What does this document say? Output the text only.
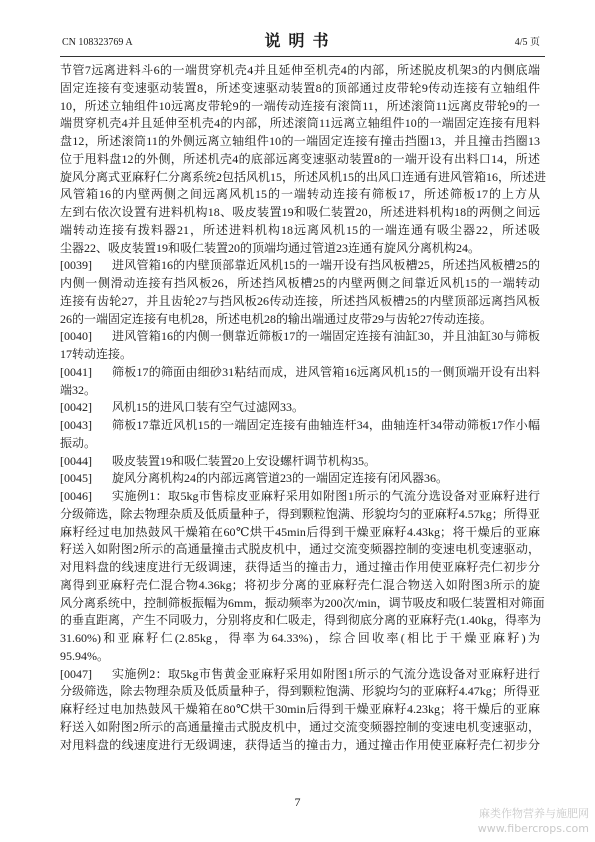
CN 108323769 A	说 明 书	4/5 页
节管7远离进料斗6的一端贯穿机壳4并且延伸至机壳4的内部，所述脱皮机架3的内侧底端
固定连接有变速驱动装置8，所述变速驱动装置8的顶部通过皮带轮9传动连接有立轴组件
10，所述立轴组件10远离皮带轮9的一端传动连接有滚筒11，所述滚筒11远离皮带轮9的一
端贯穿机壳4并且延伸至机壳4的内部，所述滚筒11远离立轴组件10的一端固定连接有甩料
盘12，所述滚筒11的外侧远离立轴组件10的一端固定连接有撞击挡圈13，并且撞击挡圈13
位于甩料盘12的外侧，所述机壳4的底部远离变速驱动装置8的一端开设有出料口14，所述
旋风分离式亚麻籽仁分离系统2包括风机15，所述风机15的出风口连通有进风管箱16，所述进
风管箱16的内壁两侧之间远离风机15的一端转动连接有筛板17，所述筛板17的上方从
左到右依次设置有进料机构18、吸皮装置19和吸仁装置20，所述进料机构18的两侧之间远
端转动连接有拨料器21，所述进料机构18远离风机15的一端连通有吸尘器22，所述吸
尘器22、吸皮装置19和吸仁装置20的顶端均通过管道23连通有旋风分离机构24。
[0039]	进风管箱16的内壁顶部靠近风机15的一端开设有挡风板槽25，所述挡风板槽25的
内侧一侧滑动连接有挡风板26，所述挡风板槽25的内壁两侧之间靠近风机15的一端转动
连接有齿轮27，并且齿轮27与挡风板26传动连接，所述挡风板槽25的内壁顶部远离挡风板
26的一端固定连接有电机28，所述电机28的输出端通过皮带29与齿轮27传动连接。
[0040]	进风管箱16的内侧一侧靠近筛板17的一端固定连接有油缸30，并且油缸30与筛板
17转动连接。
[0041]	筛板17的筛面由细砂31粘结而成，进风管箱16远离风机15的一侧顶端开设有出料
端32。
[0042]	风机15的进风口装有空气过滤网33。
[0043]	筛板17靠近风机15的一端固定连接有曲轴连杆34，曲轴连杆34带动筛板17作小幅
振动。
[0044]	吸皮装置19和吸仁装置20上安设螺杆调节机构35。
[0045]	旋风分离机构24的内部远离管道23的一端固定连接有闭风器36。
[0046]	实施例1：取5kg市售棕皮亚麻籽采用如附图1所示的气流分选设备对亚麻籽进行
分级筛选，除去物理杂质及低质量种子，得到颗粒饱满、形貌均匀的亚麻籽4.57kg；所得亚
麻籽经过电加热鼓风干燥箱在60℃烘干45min后得到干燥亚麻籽4.43kg；将干燥后的亚麻
籽送入如附图2所示的高通量撞击式脱皮机中，通过交流变频器控制的变速电机变速驱动，
对甩料盘的线速度进行无级调速，获得适当的撞击力，通过撞击作用使亚麻籽壳仁初步分
离得到亚麻籽壳仁混合物4.36kg；将初步分离的亚麻籽壳仁混合物送入如附图3所示的旋
风分离系统中，控制筛板振幅为6mm，振动频率为200次/min，调节吸皮和吸仁装置相对筛面
的垂直距离，产生不同吸力，分别将皮和仁吸走，得到彻底分离的亚麻籽壳(1.40kg，得率为
31.60%)和亚麻籽仁(2.85kg，得率为64.33%)，综合回收率(相比于干燥亚麻籽)为
95.94%。
[0047]	实施例2：取5kg市售黄金亚麻籽采用如附图1所示的气流分选设备对亚麻籽进行
分级筛选，除去物理杂质及低质量种子，得到颗粒饱满、形貌均匀的亚麻籽4.47kg；所得亚
麻籽经过电加热鼓风干燥箱在80℃烘干30min后得到干燥亚麻籽4.23kg；将干燥后的亚麻
籽送入如附图2所示的高通量撞击式脱皮机中，通过交流变频器控制的变速电机变速驱动，
对甩料盘的线速度进行无级调速，获得适当的撞击力，通过撞击作用使亚麻籽壳仁初步分
7
麻类作物营养与施肥网
www.fibercrops.com
